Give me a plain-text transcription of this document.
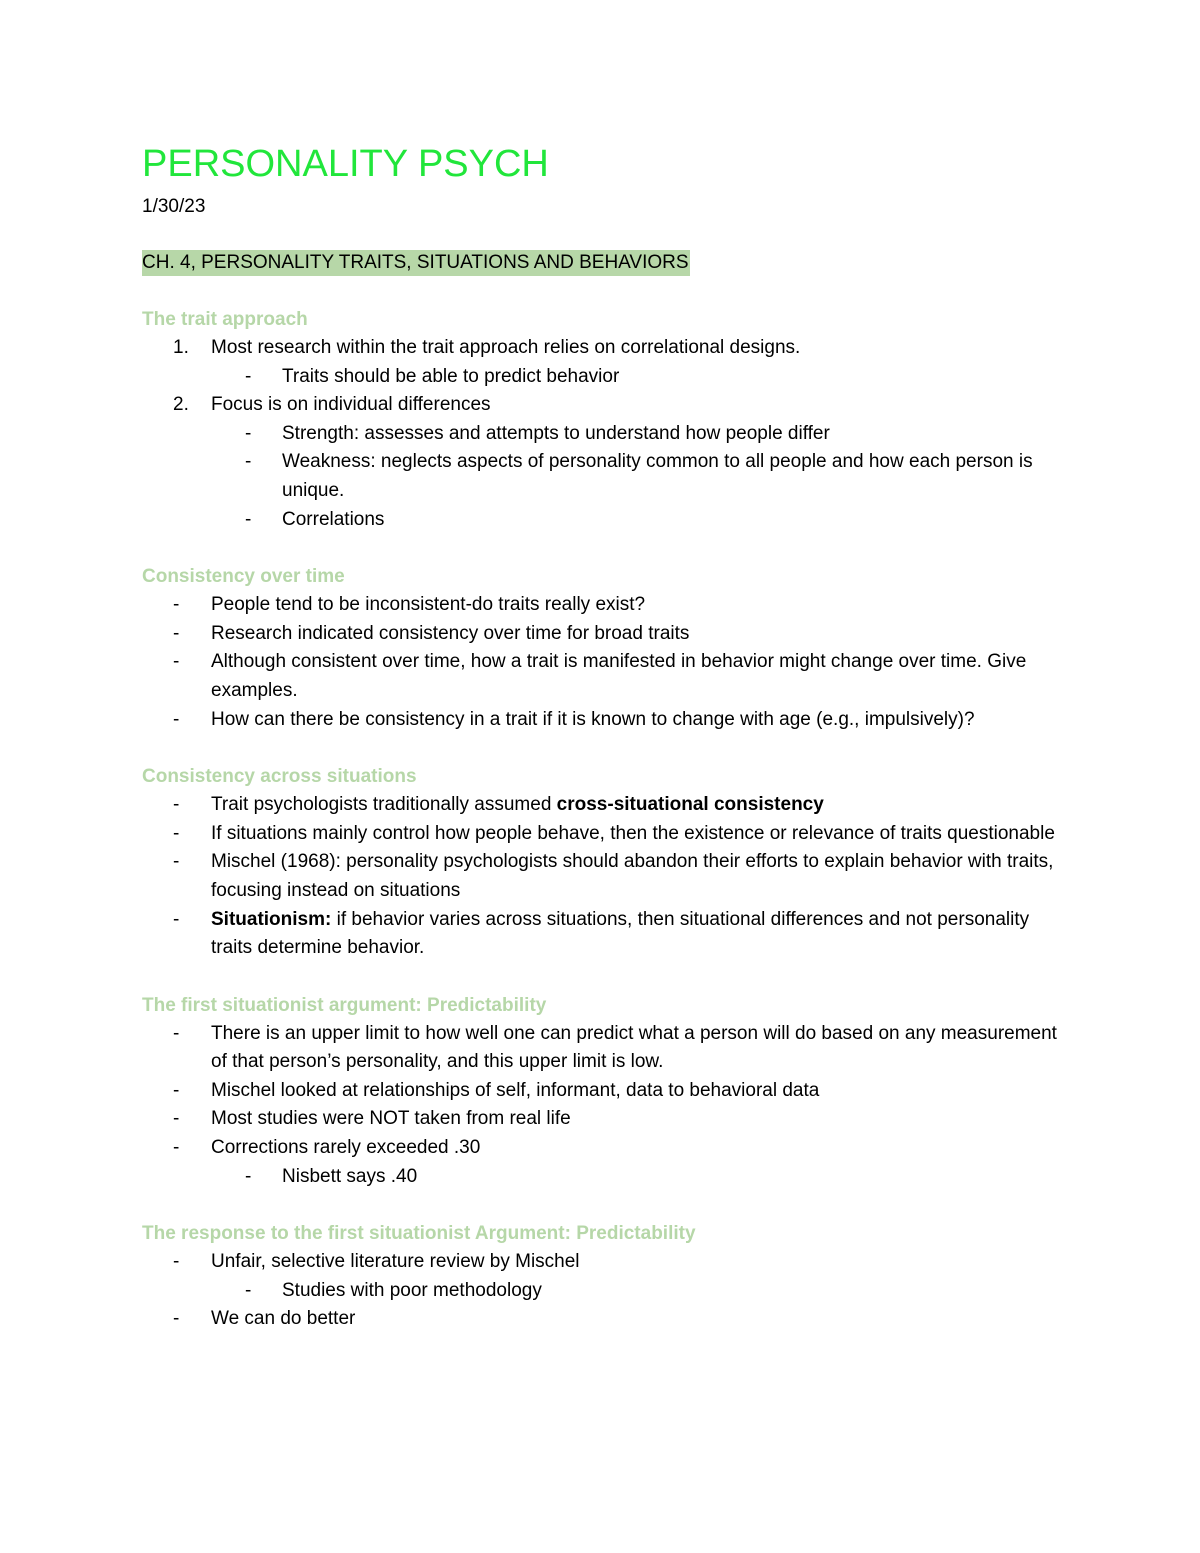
PERSONALITY PSYCH
1/30/23
CH. 4, PERSONALITY TRAITS, SITUATIONS AND BEHAVIORS
The trait approach
1. Most research within the trait approach relies on correlational designs.
- Traits should be able to predict behavior
2. Focus is on individual differences
- Strength: assesses and attempts to understand how people differ
- Weakness: neglects aspects of personality common to all people and how each person is unique.
- Correlations
Consistency over time
- People tend to be inconsistent-do traits really exist?
- Research indicated consistency over time for broad traits
- Although consistent over time, how a trait is manifested in behavior might change over time. Give examples.
- How can there be consistency in a trait if it is known to change with age (e.g., impulsively)?
Consistency across situations
- Trait psychologists traditionally assumed cross-situational consistency
- If situations mainly control how people behave, then the existence or relevance of traits questionable
- Mischel (1968): personality psychologists should abandon their efforts to explain behavior with traits, focusing instead on situations
- Situationism: if behavior varies across situations, then situational differences and not personality traits determine behavior.
The first situationist argument: Predictability
- There is an upper limit to how well one can predict what a person will do based on any measurement of that person’s personality, and this upper limit is low.
- Mischel looked at relationships of self, informant, data to behavioral data
- Most studies were NOT taken from real life
- Corrections rarely exceeded .30
- Nisbett says .40
The response to the first situationist Argument: Predictability
- Unfair, selective literature review by Mischel
- Studies with poor methodology
- We can do better
